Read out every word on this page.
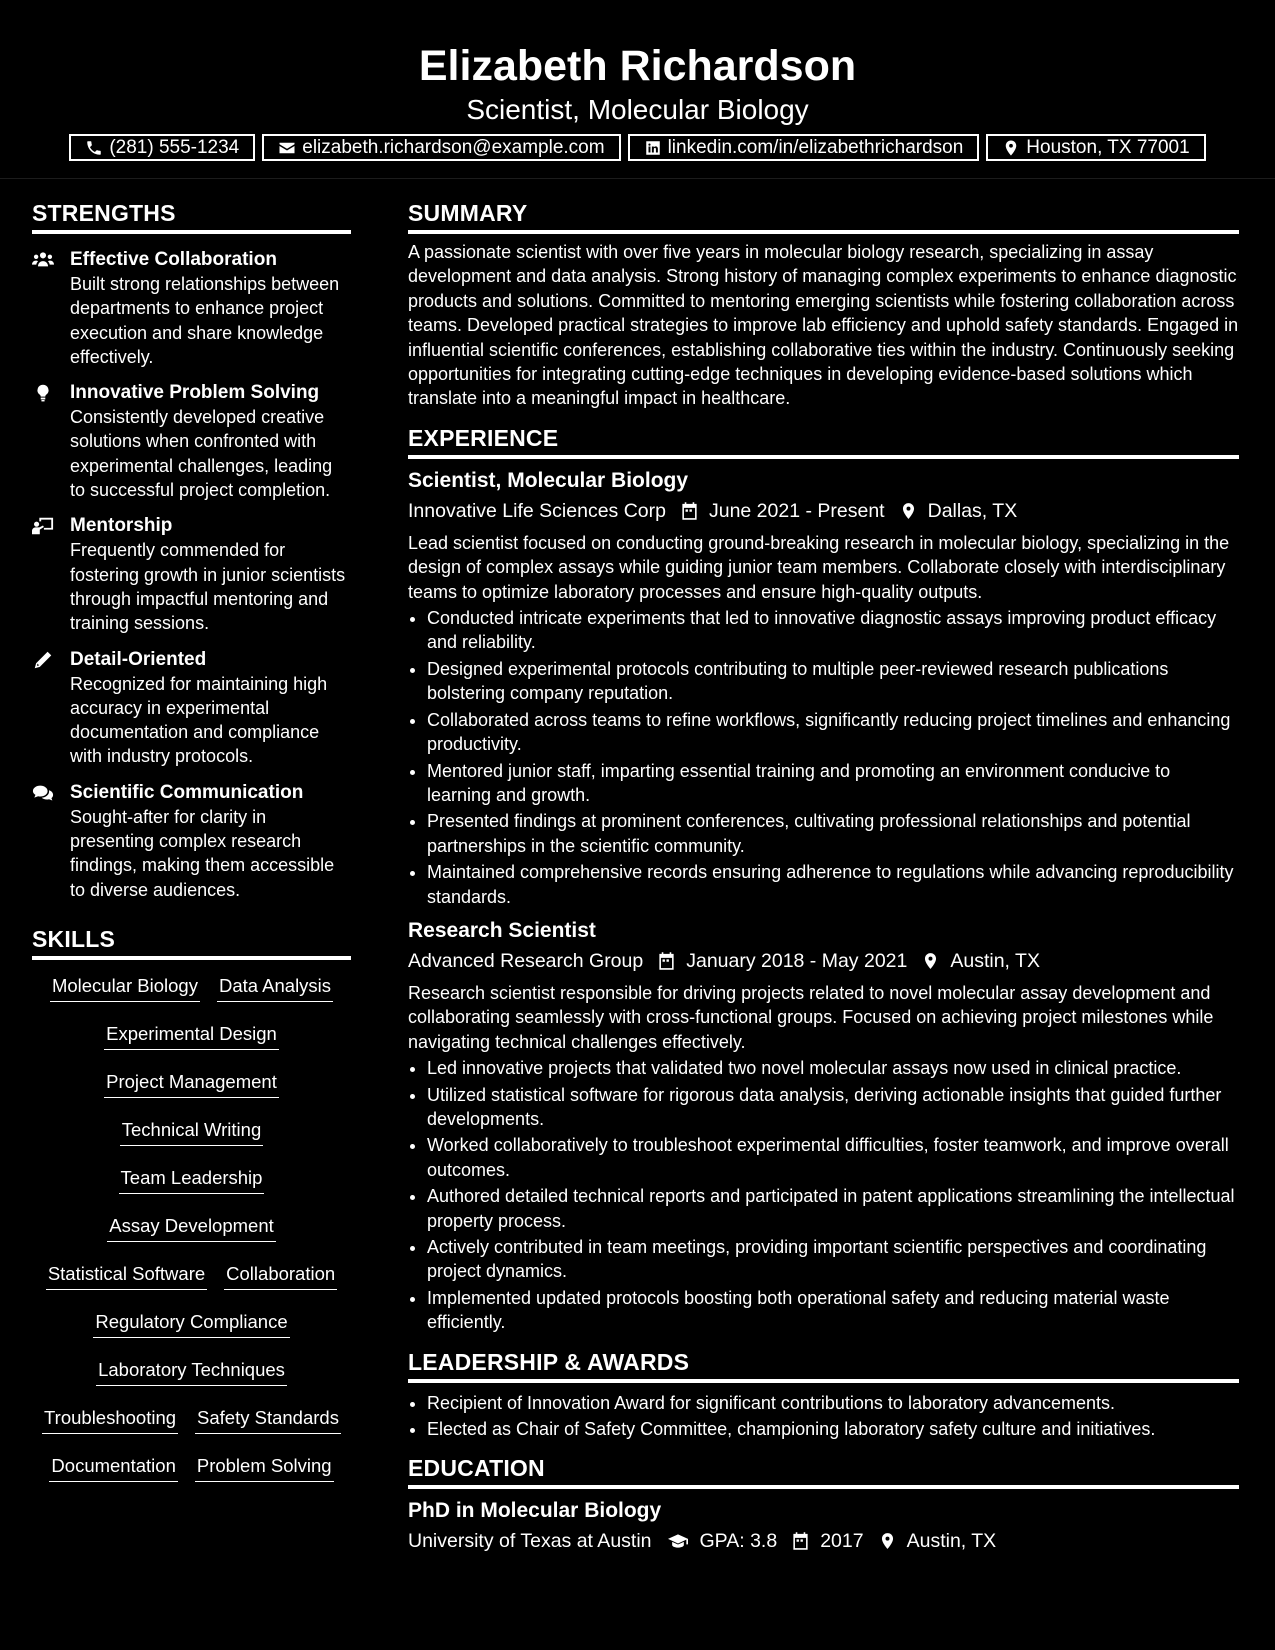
Elizabeth Richardson
Scientist, Molecular Biology
(281) 555-1234	elizabeth.richardson@example.com	linkedin.com/in/elizabethrichardson	Houston, TX 77001
STRENGTHS
Effective Collaboration
Built strong relationships between departments to enhance project execution and share knowledge effectively.
Innovative Problem Solving
Consistently developed creative solutions when confronted with experimental challenges, leading to successful project completion.
Mentorship
Frequently commended for fostering growth in junior scientists through impactful mentoring and training sessions.
Detail-Oriented
Recognized for maintaining high accuracy in experimental documentation and compliance with industry protocols.
Scientific Communication
Sought-after for clarity in presenting complex research findings, making them accessible to diverse audiences.
SKILLS
Molecular Biology Data Analysis
Experimental Design
Project Management
Technical Writing
Team Leadership
Assay Development
Statistical Software Collaboration
Regulatory Compliance
Laboratory Techniques
Troubleshooting Safety Standards
Documentation Problem Solving
SUMMARY
A passionate scientist with over five years in molecular biology research, specializing in assay development and data analysis. Strong history of managing complex experiments to enhance diagnostic products and solutions. Committed to mentoring emerging scientists while fostering collaboration across teams. Developed practical strategies to improve lab efficiency and uphold safety standards. Engaged in influential scientific conferences, establishing collaborative ties within the industry. Continuously seeking opportunities for integrating cutting-edge techniques in developing evidence-based solutions which translate into a meaningful impact in healthcare.
EXPERIENCE
Scientist, Molecular Biology
Innovative Life Sciences Corp June 2021 - Present Dallas, TX
Lead scientist focused on conducting ground-breaking research in molecular biology, specializing in the design of complex assays while guiding junior team members. Collaborate closely with interdisciplinary teams to optimize laboratory processes and ensure high-quality outputs.
• Conducted intricate experiments that led to innovative diagnostic assays improving product efficacy and reliability.
• Designed experimental protocols contributing to multiple peer-reviewed research publications bolstering company reputation.
• Collaborated across teams to refine workflows, significantly reducing project timelines and enhancing productivity.
• Mentored junior staff, imparting essential training and promoting an environment conducive to learning and growth.
• Presented findings at prominent conferences, cultivating professional relationships and potential partnerships in the scientific community.
• Maintained comprehensive records ensuring adherence to regulations while advancing reproducibility standards.
Research Scientist
Advanced Research Group January 2018 - May 2021 Austin, TX
Research scientist responsible for driving projects related to novel molecular assay development and collaborating seamlessly with cross-functional groups. Focused on achieving project milestones while navigating technical challenges effectively.
• Led innovative projects that validated two novel molecular assays now used in clinical practice.
• Utilized statistical software for rigorous data analysis, deriving actionable insights that guided further developments.
• Worked collaboratively to troubleshoot experimental difficulties, foster teamwork, and improve overall outcomes.
• Authored detailed technical reports and participated in patent applications streamlining the intellectual property process.
• Actively contributed in team meetings, providing important scientific perspectives and coordinating project dynamics.
• Implemented updated protocols boosting both operational safety and reducing material waste efficiently.
LEADERSHIP & AWARDS
• Recipient of Innovation Award for significant contributions to laboratory advancements.
• Elected as Chair of Safety Committee, championing laboratory safety culture and initiatives.
EDUCATION
PhD in Molecular Biology
University of Texas at Austin GPA: 3.8 2017 Austin, TX
